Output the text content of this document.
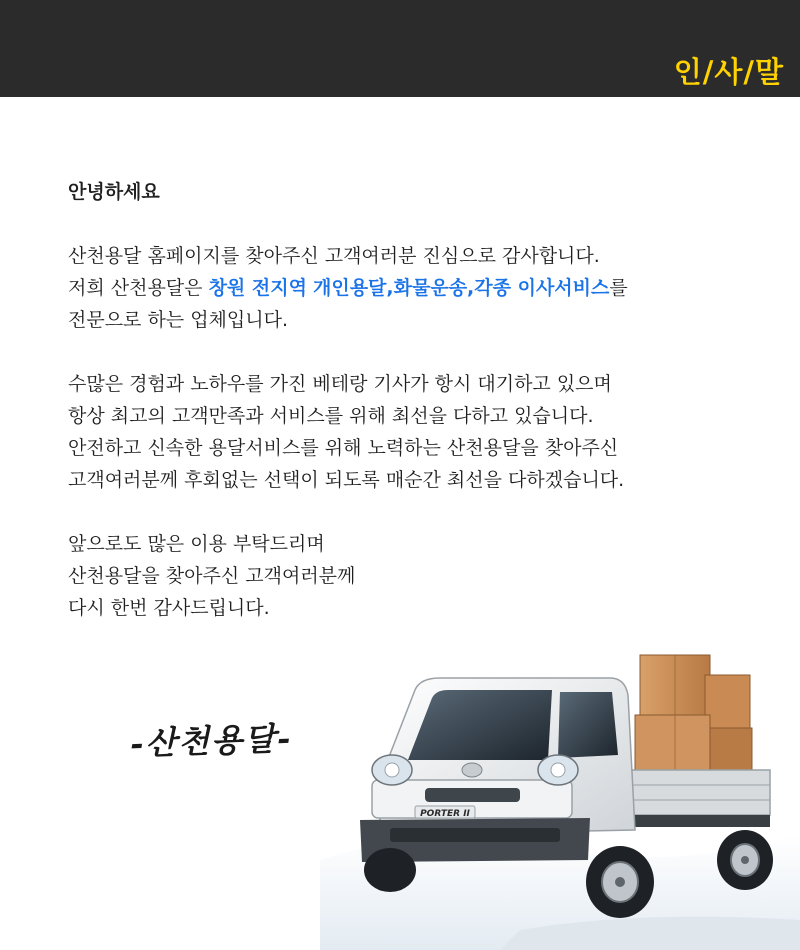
인/사/말
안녕하세요
산천용달 홈페이지를 찾아주신 고객여러분 진심으로 감사합니다.
저희 산천용달은 창원 전지역 개인용달,화물운송,각종 이사서비스를
전문으로 하는 업체입니다.
수많은 경험과 노하우를 가진 베테랑 기사가 항시 대기하고 있으며
항상 최고의 고객만족과 서비스를 위해 최선을 다하고 있습니다.
안전하고 신속한 용달서비스를 위해 노력하는 산천용달을 찾아주신
고객여러분께 후회없는 선택이 되도록 매순간 최선을 다하겠습니다.
앞으로도 많은 이용 부탁드리며
산천용달을 찾아주신 고객여러분께
다시 한번 감사드립니다.
-산천용달-
PORTER II
